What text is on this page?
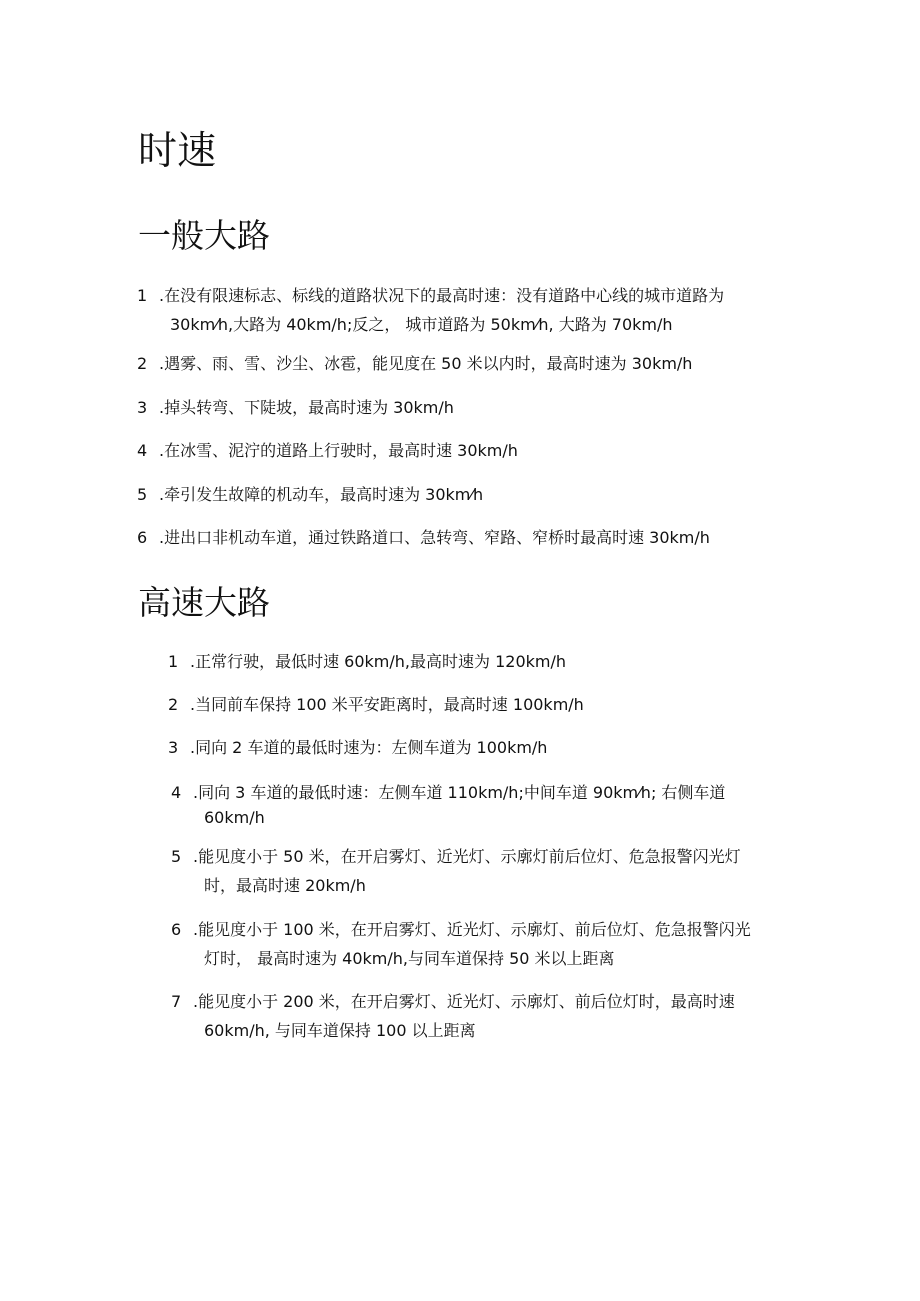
时速
一般大路
1 .在没有限速标志、标线的道路状况下的最高时速：没有道路中心线的城市道路为
30km⁄h,大路为 40km/h;反之， 城市道路为 50km⁄h, 大路为 70km/h
2 .遇雾、雨、雪、沙尘、冰雹，能见度在 50 米以内时，最高时速为 30km/h
3 .掉头转弯、下陡坡，最高时速为 30km/h
4 .在冰雪、泥泞的道路上行驶时，最高时速 30km/h
5 .牵引发生故障的机动车，最高时速为 30km⁄h
6 .进出口非机动车道，通过铁路道口、急转弯、窄路、窄桥时最高时速 30km/h
高速大路
1 .正常行驶，最低时速 60km/h,最高时速为 120km/h
2 .当同前车保持 100 米平安距离时，最高时速 100km/h
3 .同向 2 车道的最低时速为：左侧车道为 100km/h
4 .同向 3 车道的最低时速：左侧车道 110km/h;中间车道 90km⁄h; 右侧车道
60km/h
5 .能见度小于 50 米，在开启雾灯、近光灯、示廓灯前后位灯、危急报警闪光灯
时，最高时速 20km/h
6 .能见度小于 100 米，在开启雾灯、近光灯、示廓灯、前后位灯、危急报警闪光
灯时， 最高时速为 40km/h,与同车道保持 50 米以上距离
7 .能见度小于 200 米，在开启雾灯、近光灯、示廓灯、前后位灯时，最高时速
60km/h, 与同车道保持 100 以上距离
